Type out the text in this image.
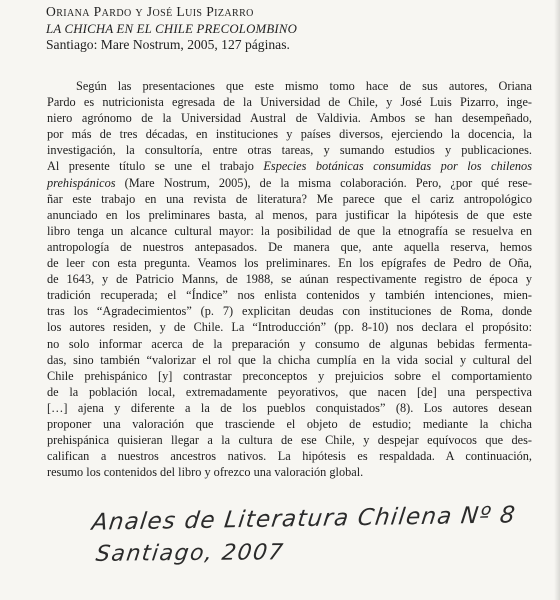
Oriana Pardo y José Luis Pizarro
LA CHICHA EN EL CHILE PRECOLOMBINO
Santiago: Mare Nostrum, 2005, 127 páginas.
Según las presentaciones que este mismo tomo hace de sus autores, Oriana
Pardo es nutricionista egresada de la Universidad de Chile, y José Luis Pizarro, inge-
niero agrónomo de la Universidad Austral de Valdivia. Ambos se han desempeñado,
por más de tres décadas, en instituciones y países diversos, ejerciendo la docencia, la
investigación, la consultoría, entre otras tareas, y sumando estudios y publicaciones.
Al presente título se une el trabajo Especies botánicas consumidas por los chilenos
prehispánicos (Mare Nostrum, 2005), de la misma colaboración. Pero, ¿por qué rese-
ñar este trabajo en una revista de literatura? Me parece que el cariz antropológico
anunciado en los preliminares basta, al menos, para justificar la hipótesis de que este
libro tenga un alcance cultural mayor: la posibilidad de que la etnografía se resuelva en
antropología de nuestros antepasados. De manera que, ante aquella reserva, hemos
de leer con esta pregunta. Veamos los preliminares. En los epígrafes de Pedro de Oña,
de 1643, y de Patricio Manns, de 1988, se aúnan respectivamente registro de época y
tradición recuperada; el “Índice” nos enlista contenidos y también intenciones, mien-
tras los “Agradecimientos” (p. 7) explicitan deudas con instituciones de Roma, donde
los autores residen, y de Chile. La “Introducción” (pp. 8-10) nos declara el propósito:
no solo informar acerca de la preparación y consumo de algunas bebidas fermenta-
das, sino también “valorizar el rol que la chicha cumplía en la vida social y cultural del
Chile prehispánico [y] contrastar preconceptos y prejuicios sobre el comportamiento
de la población local, extremadamente peyorativos, que nacen [de] una perspectiva
[…] ajena y diferente a la de los pueblos conquistados” (8). Los autores desean
proponer una valoración que trasciende el objeto de estudio; mediante la chicha
prehispánica quisieran llegar a la cultura de ese Chile, y despejar equívocos que des-
califican a nuestros ancestros nativos. La hipótesis es respaldada. A continuación,
resumo los contenidos del libro y ofrezco una valoración global.
Anales de Literatura Chilena Nº 8
Santiago, 2007
